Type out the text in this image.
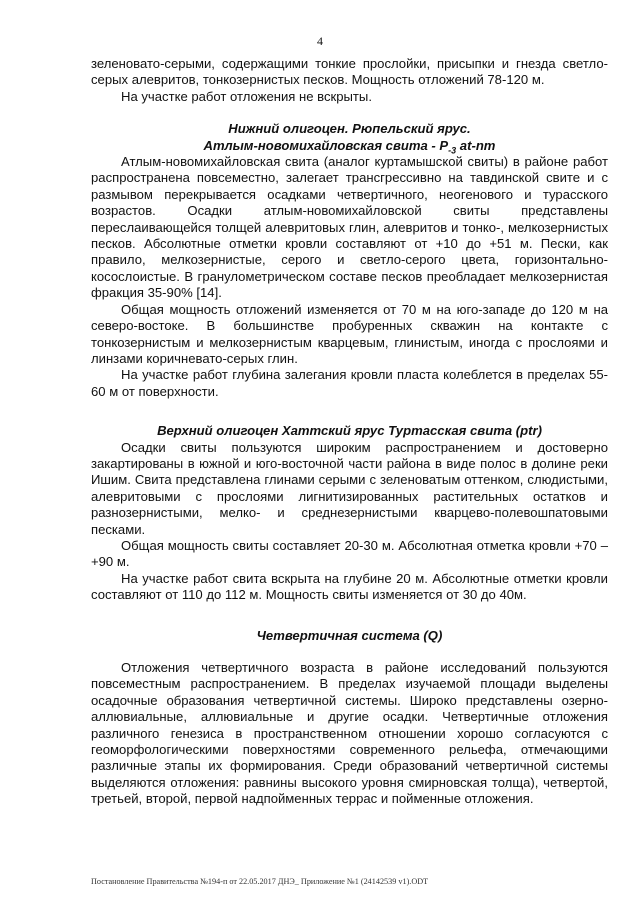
4

зеленовато-серыми, содержащими тонкие прослойки, присыпки и гнезда светло-серых алевритов, тонкозернистых песков. Мощность отложений 78-120 м.

На участке работ отложения не вскрыты.

Нижний олигоцен. Рюпельский ярус.
Атлым-новомихайловская свита - $Р_{-3}$ at-nm

Атлым-новомихайловская свита (аналог куртамышской свиты) в районе работ распространена повсеместно, залегает трансгрессивно на тавдинской свите и с размывом перекрывается осадками четвертичного, неогенового и турасского возрастов. Осадки атлым-новомихайловской свиты представлены переслаивающейся толщей алевритовых глин, алевритов и тонко-, мелкозернистых песков. Абсолютные отметки кровли составляют от +10 до +51 м. Пески, как правило, мелкозернистые, серого и светло-серого цвета, горизонтально-косослоистые. В гранулометрическом составе песков преобладает мелкозернистая фракция 35-90% [14].

Общая мощность отложений изменяется от 70 м на юго-западе до 120 м на северо-востоке. В большинстве пробуренных скважин на контакте с тонкозернистым и мелкозернистым кварцевым, глинистым, иногда с прослоями и линзами коричневато-серых глин.

На участке работ глубина залегания кровли пласта колеблется в пределах 55-60 м от поверхности.

Верхний олигоцен Хаттский ярус Туртасская свита (ptr)

Осадки свиты пользуются широким распространением и достоверно закартированы в южной и юго-восточной части района в виде полос в долине реки Ишим. Свита представлена глинами серыми с зеленоватым оттенком, слюдистыми, алевритовыми с прослоями лигнитизированных растительных остатков и разнозернистыми, мелко- и среднезернистыми кварцево-полевошпатовыми песками.

Общая мощность свиты составляет 20-30 м. Абсолютная отметка кровли +70 – +90 м.

На участке работ свита вскрыта на глубине 20 м. Абсолютные отметки кровли составляют от 110 до 112 м. Мощность свиты изменяется от 30 до 40м.

Четвертичная система (Q)

Отложения четвертичного возраста в районе исследований пользуются повсеместным распространением. В пределах изучаемой площади выделены осадочные образования четвертичной системы. Широко представлены озерно-аллювиальные, аллювиальные и другие осадки. Четвертичные отложения различного генезиса в пространственном отношении хорошо согласуются с геоморфологическими поверхностями современного рельефа, отмечающими различные этапы их формирования. Среди образований четвертичной системы выделяются отложения: равнины высокого уровня смирновская толща), четвертой, третьей, второй, первой надпойменных террас и пойменные отложения.

Постановление Правительства №194-п от 22.05.2017 ДНЭ_ Приложение №1 (24142539 v1).ODT
